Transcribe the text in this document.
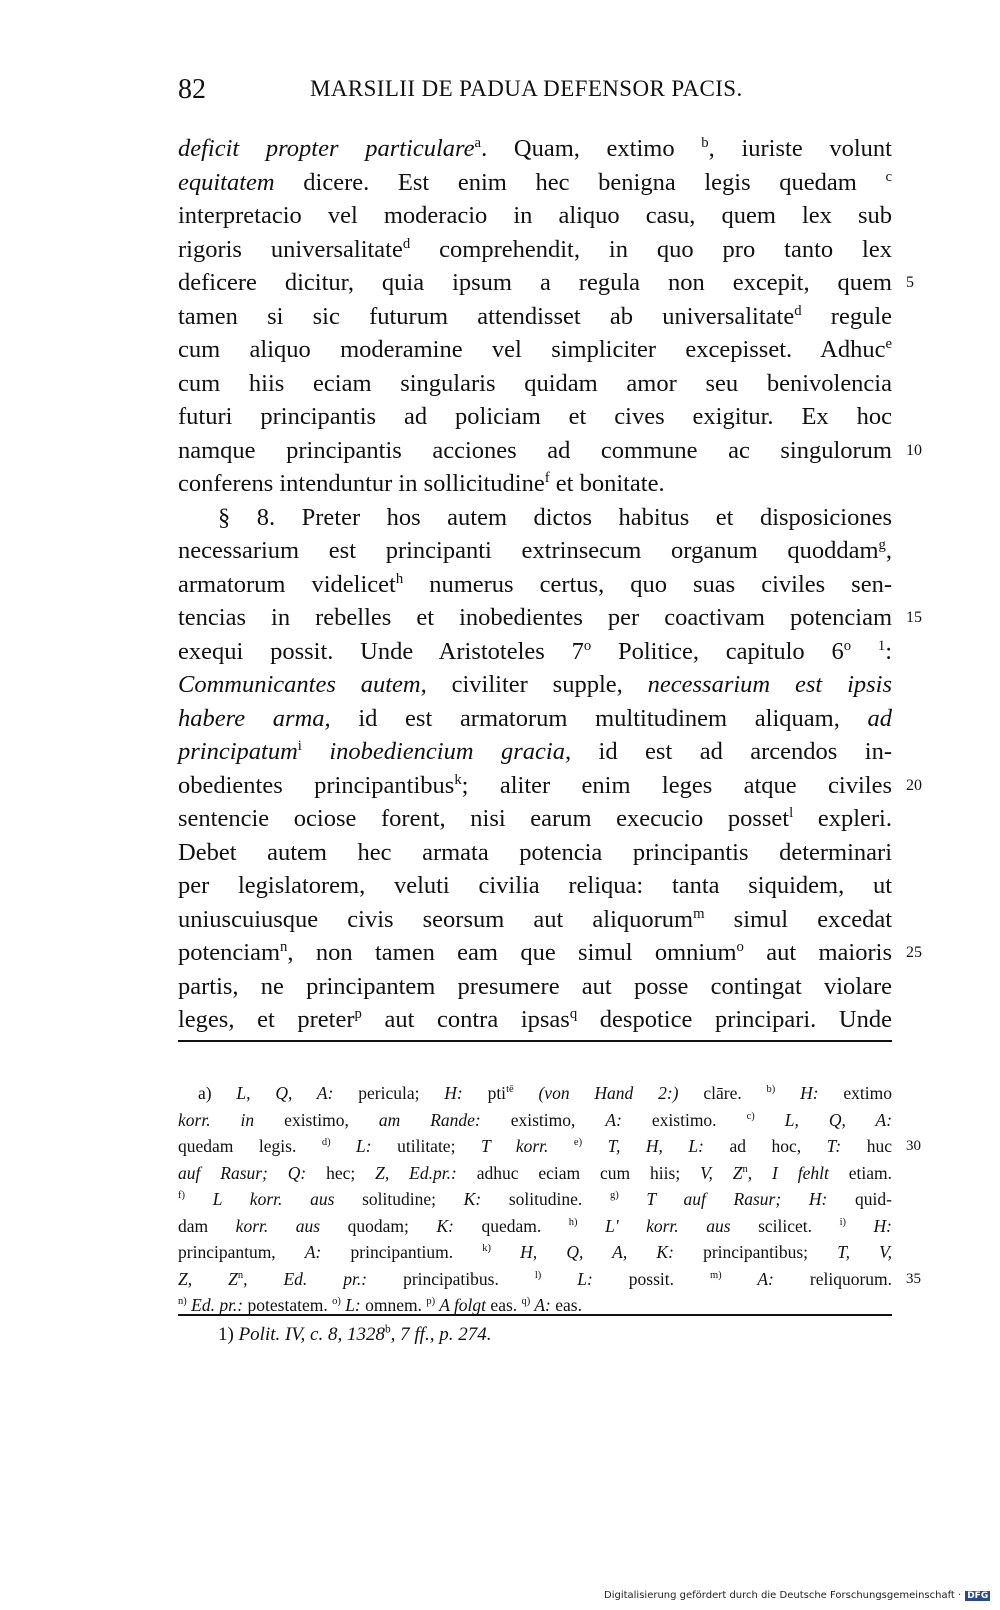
82	MARSILII DE PADUA DEFENSOR PACIS.
deficit propter particulare$^a$. Quam, extimo $^b$, iuriste volunt
equitatem dicere. Est enim hec benigna legis quedam $^c$
interpretacio vel moderacio in aliquo casu, quem lex sub
rigoris universalitate$^d$ comprehendit, in quo pro tanto lex
deficere dicitur, quia ipsum a regula non excepit, quem 5
tamen si sic futurum attendisset ab universalitate$^d$ regule
cum aliquo moderamine vel simpliciter excepisset. Adhuc$^e$
cum hiis eciam singularis quidam amor seu benivolencia
futuri principantis ad policiam et cives exigitur. Ex hoc
namque principantis acciones ad commune ac singulorum 10
conferens intenduntur in sollicitudine$^f$ et bonitate.
§ 8. Preter hos autem dictos habitus et disposiciones
necessarium est principanti extrinsecum organum quoddam$^g$,
armatorum videlicet$^h$ numerus certus, quo suas civiles sen-
tencias in rebelles et inobedientes per coactivam potenciam 15
exequi possit. Unde Aristoteles 7$^o$ Politice, capitulo 6$^o$ $^1$:
Communicantes autem, civiliter supple, necessarium est ipsis
habere arma, id est armatorum multitudinem aliquam, ad
principatum$^i$ inobediencium gracia, id est ad arcendos in-
obedientes principantibus$^k$; aliter enim leges atque civiles 20
sentencie ociose forent, nisi earum execucio posset$^l$ expleri.
Debet autem hec armata potencia principantis determinari
per legislatorem, veluti civilia reliqua: tanta siquidem, ut
uniuscuiusque civis seorsum aut aliquorum$^m$ simul excedat
potenciam$^n$, non tamen eam que simul omnium$^o$ aut maioris 25
partis, ne principantem presumere aut posse contingat violare
leges, et preter$^p$ aut contra ipsas$^q$ despotice principari. Unde
a) L, Q, A: pericula; H: pti$^{tē}$ (von Hand 2:) clāre. $^{b)}$ H: extimo
korr. in existimo, am Rande: existimo, A: existimo. $^{c)}$ L, Q, A:
quedam legis. $^{d)}$ L: utilitate; T korr. $^{e)}$ T, H, L: ad hoc, T: huc 30
auf Rasur; Q: hec; Z, Ed.pr.: adhuc eciam cum hiis; V, $Z^n$, I fehlt etiam.
$^{f)}$ L korr. aus solitudine; K: solitudine. $^{g)}$ T auf Rasur; H: quid-
dam korr. aus quodam; K: quedam. $^{h)}$ L' korr. aus scilicet. $^{i)}$ H:
principantum, A: principantium. $^{k)}$ H, Q, A, K: principantibus; T, V,
Z, $Z^n$, Ed. pr.: principatibus. $^{l)}$ L: possit. $^{m)}$ A: reliquorum. 35
$^{n)}$ Ed. pr.: potestatem. $^{o)}$ L: omnem. $^{p)}$ A folgt eas. $^{q)}$ A: eas.
1) Polit. IV, c. 8, 1328$^b$, 7 ff., p. 274.
Digitalisierung gefördert durch die Deutsche Forschungsgemeinschaft · DFG
